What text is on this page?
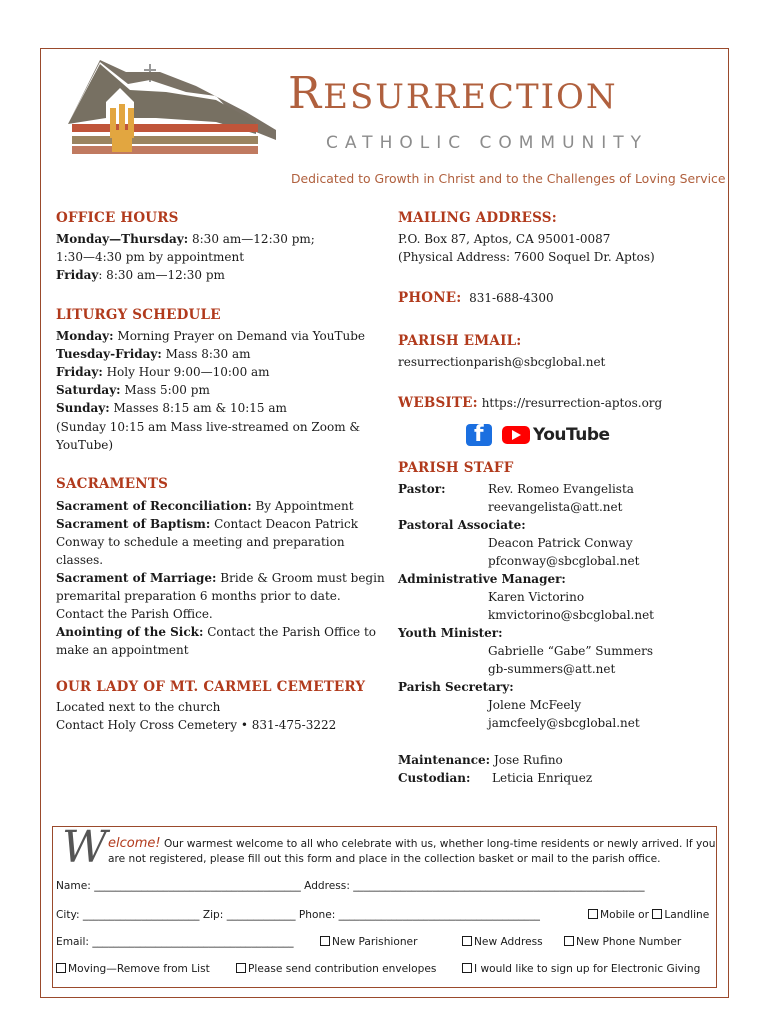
RESURRECTION
CATHOLIC COMMUNITY
Dedicated to Growth in Christ and to the Challenges of Loving Service
OFFICE HOURS
Monday—Thursday: 8:30 am—12:30 pm;
1:30—4:30 pm by appointment
Friday: 8:30 am—12:30 pm
LITURGY SCHEDULE
Monday: Morning Prayer on Demand via YouTube
Tuesday-Friday: Mass 8:30 am
Friday: Holy Hour 9:00—10:00 am
Saturday: Mass 5:00 pm
Sunday: Masses 8:15 am & 10:15 am
(Sunday 10:15 am Mass live-streamed on Zoom & YouTube)
SACRAMENTS
Sacrament of Reconciliation: By Appointment
Sacrament of Baptism: Contact Deacon Patrick Conway to schedule a meeting and preparation classes.
Sacrament of Marriage: Bride & Groom must begin premarital preparation 6 months prior to date. Contact the Parish Office.
Anointing of the Sick: Contact the Parish Office to make an appointment
OUR LADY OF MT. CARMEL CEMETERY
Located next to the church
Contact Holy Cross Cemetery • 831-475-3222
MAILING ADDRESS:
P.O. Box 87, Aptos, CA 95001-0087
(Physical Address: 7600 Soquel Dr. Aptos)
PHONE: 831-688-4300
PARISH EMAIL:
resurrectionparish@sbcglobal.net
WEBSITE: https://resurrection-aptos.org
f	YouTube
PARISH STAFF
Pastor:	Rev. Romeo Evangelista
reevangelista@att.net
Pastoral Associate:
Deacon Patrick Conway
pfconway@sbcglobal.net
Administrative Manager:
Karen Victorino
kmvictorino@sbcglobal.net
Youth Minister:
Gabrielle “Gabe” Summers
gb-summers@att.net
Parish Secretary:
Jolene McFeely
jamcfeely@sbcglobal.net
Maintenance: Jose Rufino
Custodian: Leticia Enriquez
W elcome! Our warmest welcome to all who celebrate with us, whether long-time residents or newly arrived. If you
are not registered, please fill out this form and place in the collection basket or mail to the parish office.
Name: _______________________________________ Address: _______________________________________________________
City: ______________________ Zip: _____________ Phone: ______________________________________	Mobile or Landline
Email: ______________________________________	New Parishioner	New Address	New Phone Number
Moving—Remove from List	Please send contribution envelopes	I would like to sign up for Electronic Giving
